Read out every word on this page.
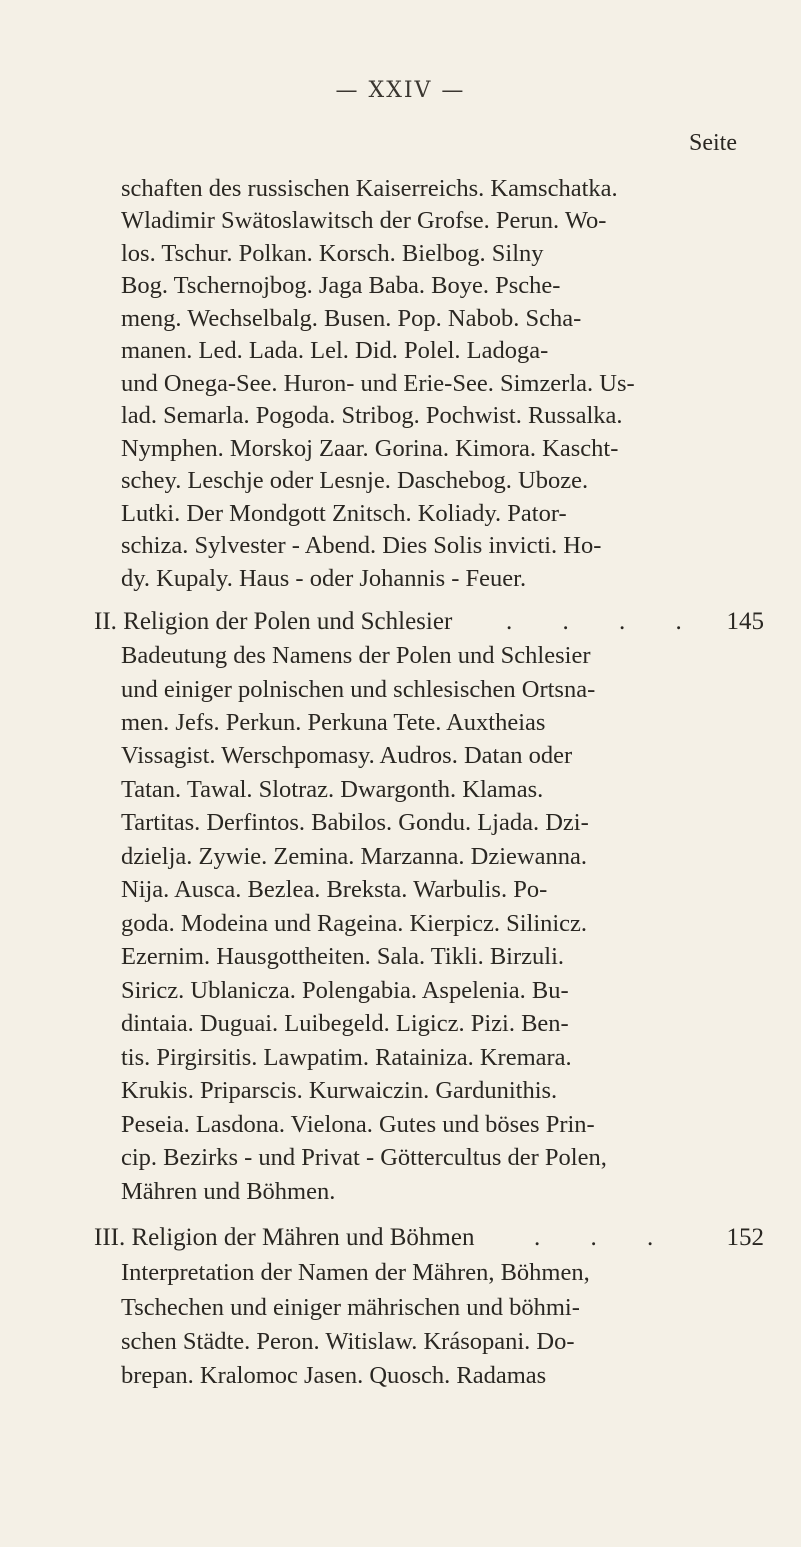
— XXIV —
Seite
schaften des russischen Kaiserreichs. Kamschatka.
Wladimir Swätoslawitsch der Grofse. Perun. Wo-
los. Tschur. Polkan. Korsch. Bielbog. Silny
Bog. Tschernojbog. Jaga Baba. Boye. Psche-
meng. Wechselbalg. Busen. Pop. Nabob. Scha-
manen. Led. Lada. Lel. Did. Polel. Ladoga-
und Onega-See. Huron- und Erie-See. Simzerla. Us-
lad. Semarla. Pogoda. Stribog. Pochwist. Russalka.
Nymphen. Morskoj Zaar. Gorina. Kimora. Kascht-
schey. Leschje oder Lesnje. Daschebog. Uboze.
Lutki. Der Mondgott Znitsch. Koliady. Pator-
schiza. Sylvester - Abend. Dies Solis invicti. Ho-
dy. Kupaly. Haus - oder Johannis - Feuer.
II. Religion der Polen und Schlesier . . . . 145
Badeutung des Namens der Polen und Schlesier
und einiger polnischen und schlesischen Ortsna-
men. Jefs. Perkun. Perkuna Tete. Auxtheias
Vissagist. Werschpomasy. Audros. Datan oder
Tatan. Tawal. Slotraz. Dwargonth. Klamas.
Tartitas. Derfintos. Babilos. Gondu. Ljada. Dzi-
dzielja. Zywie. Zemina. Marzanna. Dziewanna.
Nija. Ausca. Bezlea. Breksta. Warbulis. Po-
goda. Modeina und Rageina. Kierpicz. Silinicz.
Ezernim. Hausgottheiten. Sala. Tikli. Birzuli.
Siricz. Ublanicza. Polengabia. Aspelenia. Bu-
dintaia. Duguai. Luibegeld. Ligicz. Pizi. Ben-
tis. Pirgirsitis. Lawpatim. Ratainiza. Kremara.
Krukis. Priparscis. Kurwaiczin. Gardunithis.
Peseia. Lasdona. Vielona. Gutes und böses Prin-
cip. Bezirks - und Privat - Göttercultus der Polen,
Mähren und Böhmen.
III. Religion der Mähren und Böhmen . . . 152
Interpretation der Namen der Mähren, Böhmen,
Tschechen und einiger mährischen und böhmi-
schen Städte. Peron. Witislaw. Krásopani. Do-
brepan. Kralomoc Jasen. Quosch. Radamas
